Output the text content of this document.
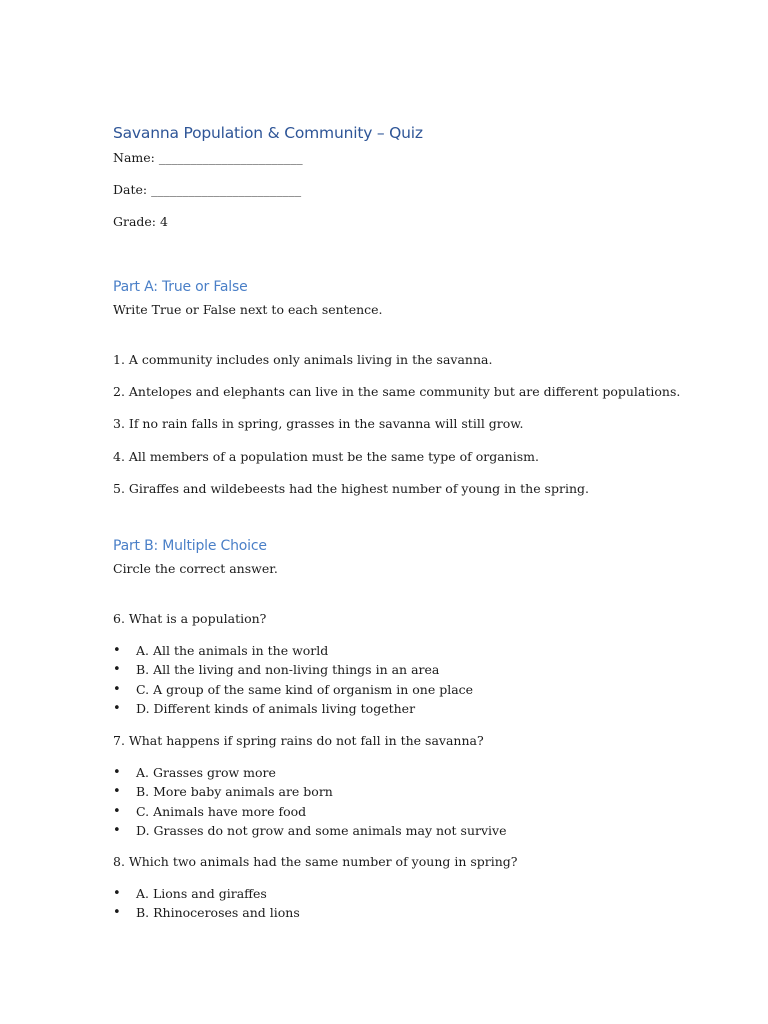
Savanna Population & Community – Quiz

Name: _______________________

Date: ________________________

Grade: 4

Part A: True or False

Write True or False next to each sentence.

1. A community includes only animals living in the savanna.

2. Antelopes and elephants can live in the same community but are different populations.

3. If no rain falls in spring, grasses in the savanna will still grow.

4. All members of a population must be the same type of organism.

5. Giraffes and wildebeests had the highest number of young in the spring.

Part B: Multiple Choice

Circle the correct answer.

6. What is a population?

• A. All the animals in the world
• B. All the living and non-living things in an area
• C. A group of the same kind of organism in one place
• D. Different kinds of animals living together

7. What happens if spring rains do not fall in the savanna?

• A. Grasses grow more
• B. More baby animals are born
• C. Animals have more food
• D. Grasses do not grow and some animals may not survive

8. Which two animals had the same number of young in spring?

• A. Lions and giraffes
• B. Rhinoceroses and lions
